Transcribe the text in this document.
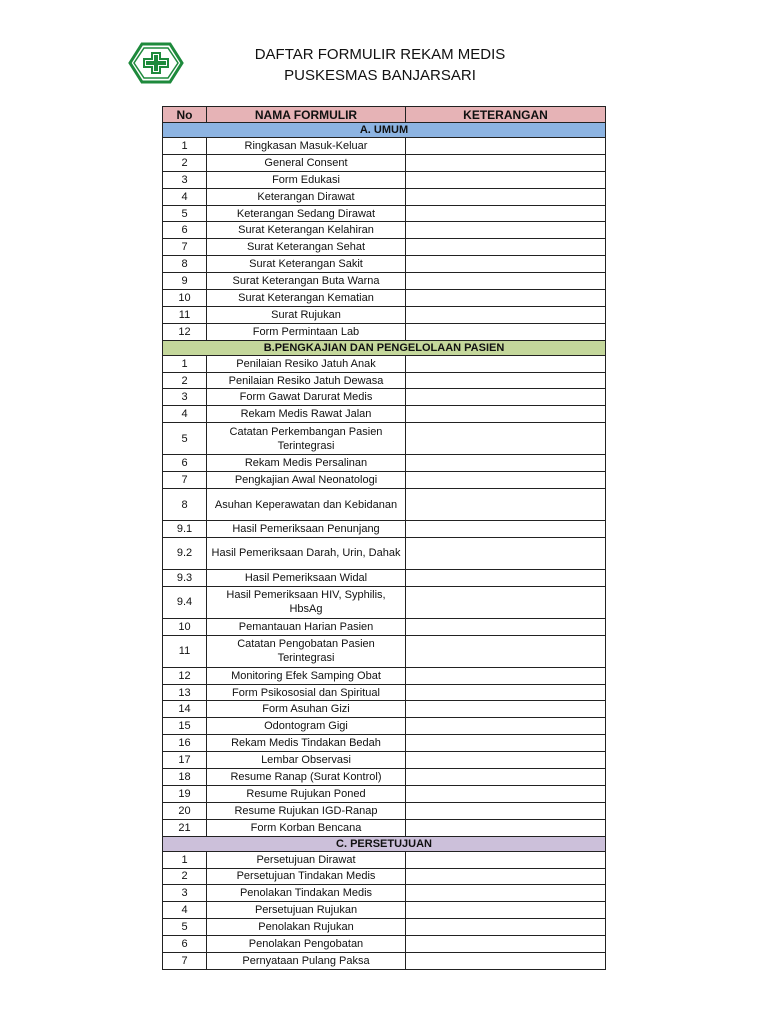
DAFTAR FORMULIR REKAM MEDIS
PUSKESMAS BANJARSARI
No	NAMA FORMULIR	KETERANGAN
A. UMUM		
1	Ringkasan Masuk-Keluar	
2	General Consent	
3	Form Edukasi	
4	Keterangan Dirawat	
5	Keterangan Sedang Dirawat	
6	Surat Keterangan Kelahiran	
7	Surat Keterangan Sehat	
8	Surat Keterangan Sakit	
9	Surat Keterangan Buta Warna	
10	Surat Keterangan Kematian	
11	Surat Rujukan	
12	Form Permintaan Lab	
B.PENGKAJIAN DAN PENGELOLAAN PASIEN		
1	Penilaian Resiko Jatuh Anak	
2	Penilaian Resiko Jatuh Dewasa	
3	Form Gawat Darurat Medis	
4	Rekam Medis Rawat Jalan	
5	Catatan Perkembangan Pasien Terintegrasi	
6	Rekam Medis Persalinan	
7	Pengkajian Awal Neonatologi	
8	Asuhan Keperawatan dan Kebidanan	
9.1	Hasil Pemeriksaan Penunjang	
9.2	Hasil Pemeriksaan Darah, Urin, Dahak	
9.3	Hasil Pemeriksaan Widal	
9.4	Hasil Pemeriksaan HIV, Syphilis, HbsAg	
10	Pemantauan Harian Pasien	
11	Catatan Pengobatan Pasien Terintegrasi	
12	Monitoring Efek Samping Obat	
13	Form Psikososial dan Spiritual	
14	Form Asuhan Gizi	
15	Odontogram Gigi	
16	Rekam Medis Tindakan Bedah	
17	Lembar Observasi	
18	Resume Ranap (Surat Kontrol)	
19	Resume Rujukan Poned	
20	Resume Rujukan IGD-Ranap	
21	Form Korban Bencana	
C. PERSETUJUAN		
1	Persetujuan Dirawat	
2	Persetujuan Tindakan Medis	
3	Penolakan Tindakan Medis	
4	Persetujuan Rujukan	
5	Penolakan Rujukan	
6	Penolakan Pengobatan	
7	Pernyataan Pulang Paksa	
